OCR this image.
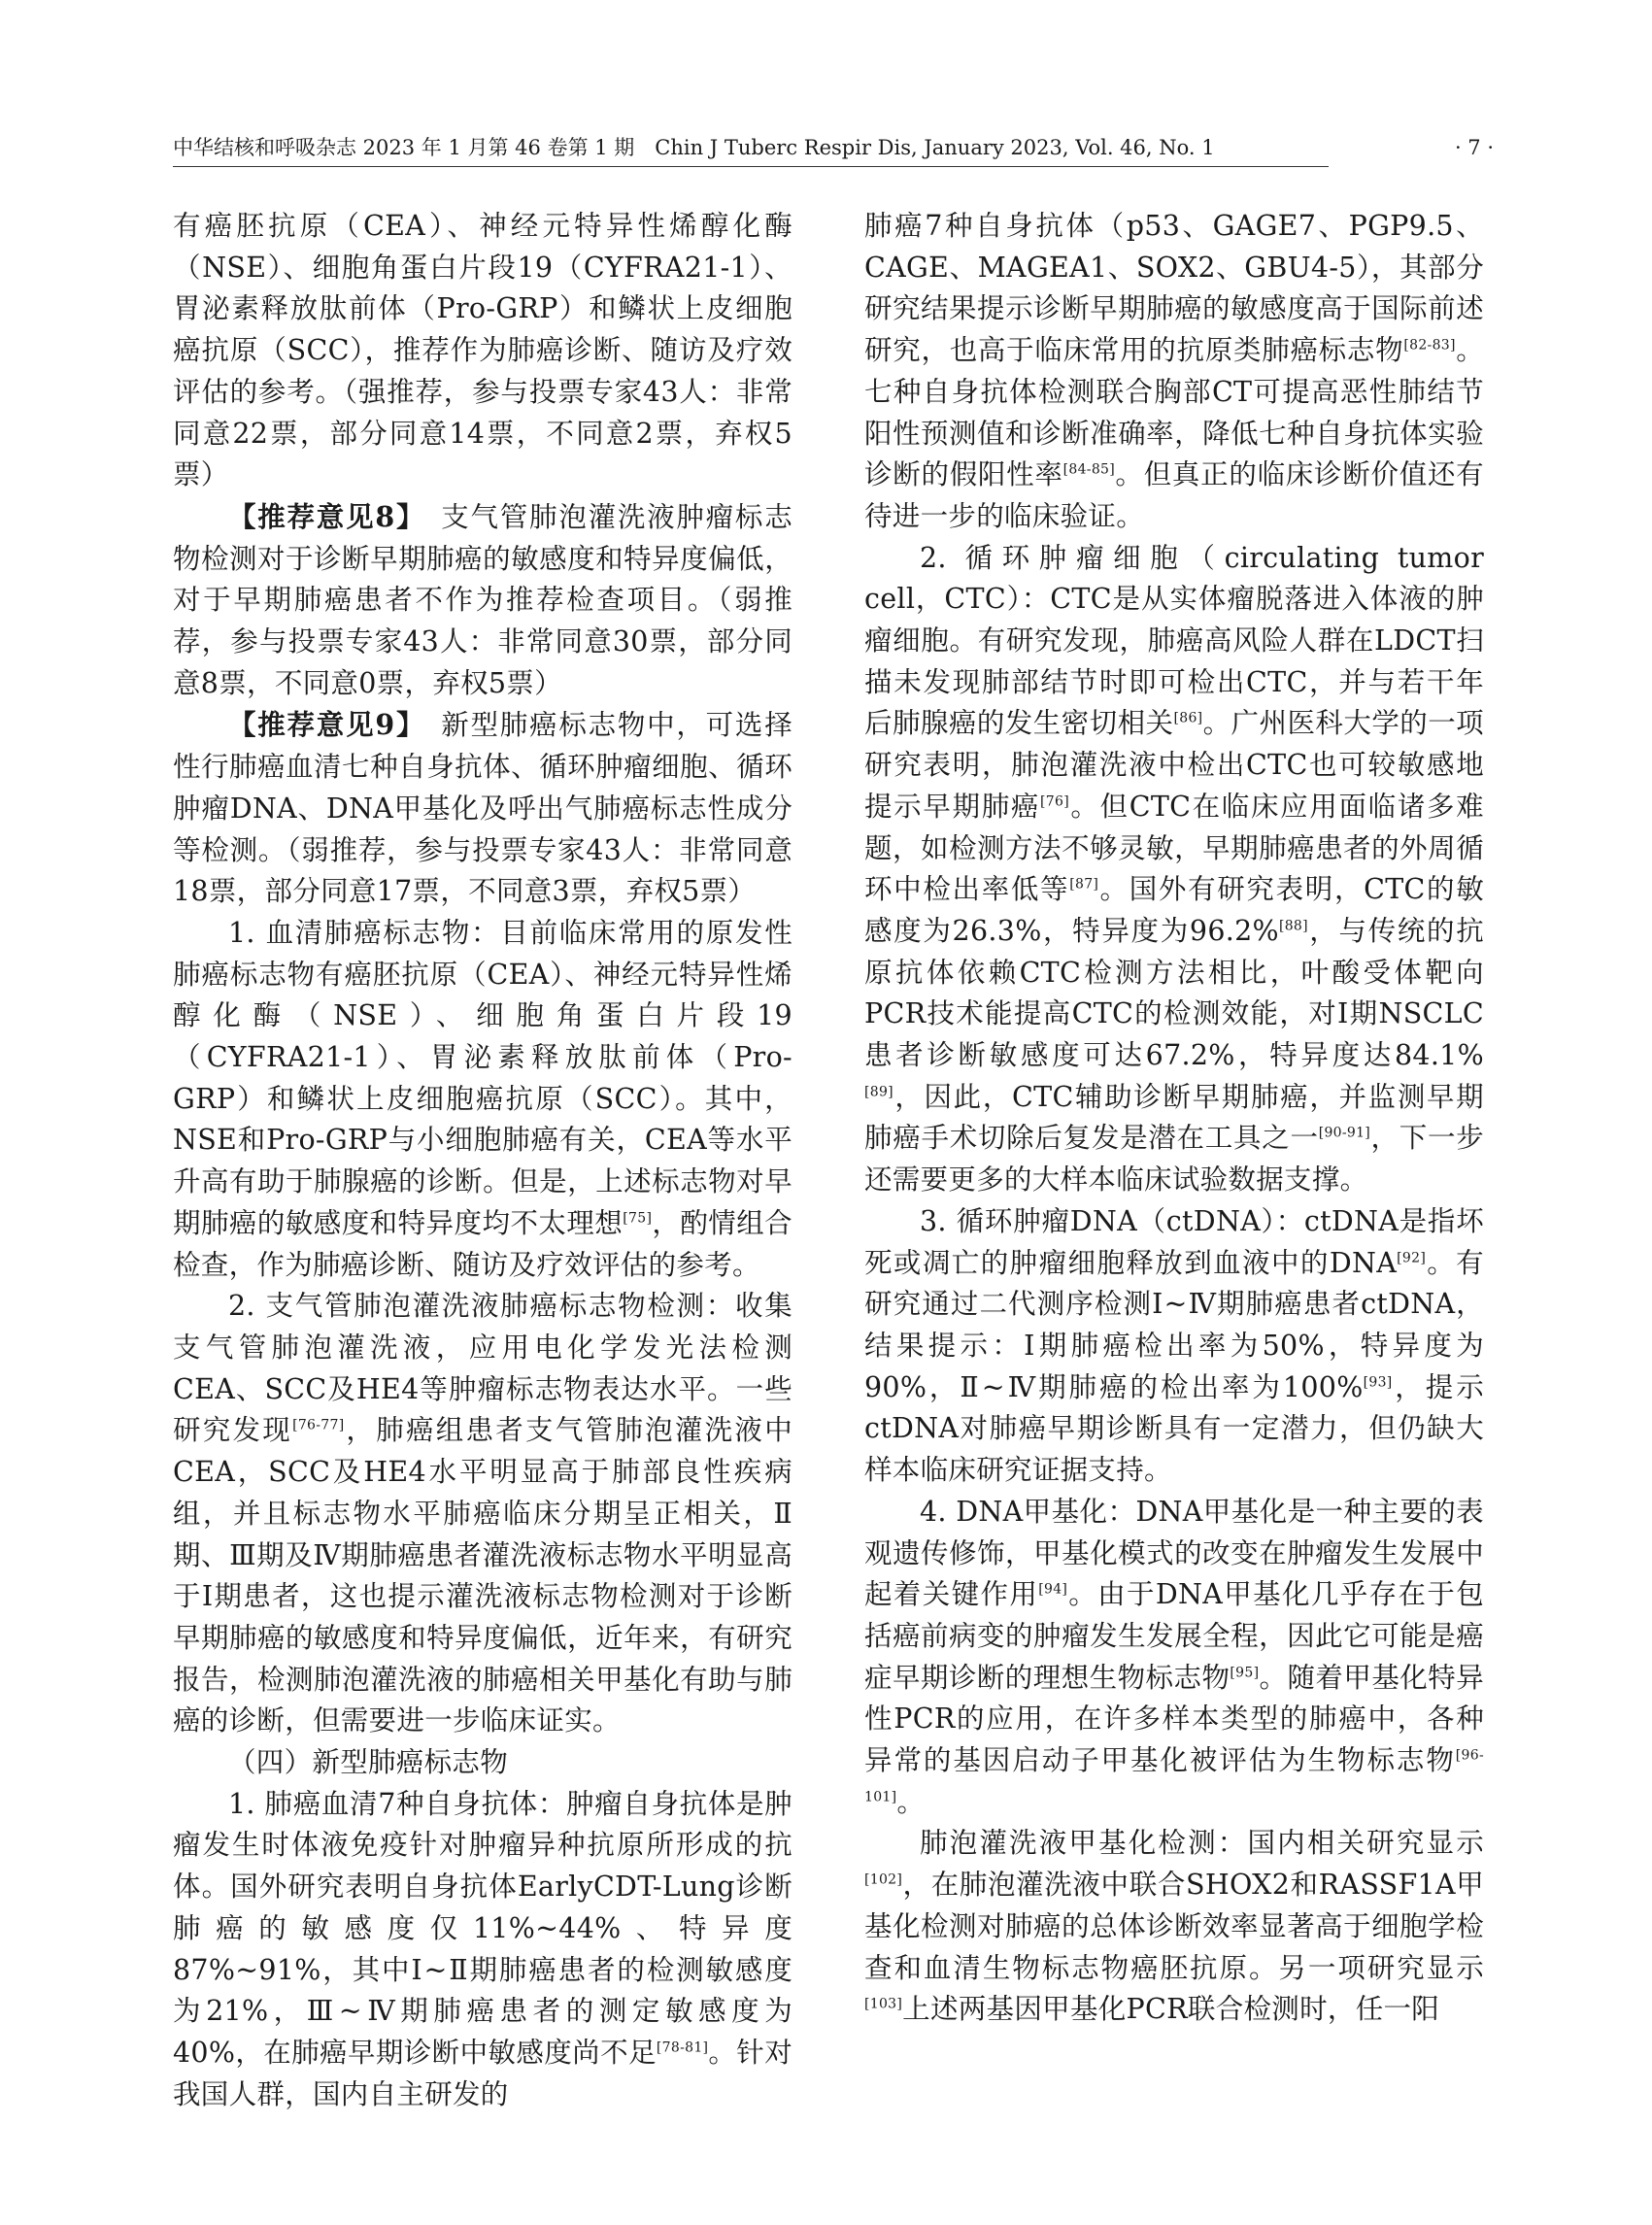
中华结核和呼吸杂志 2023 年 1 月第 46 卷第 1 期　Chin J Tuberc Respir Dis, January 2023, Vol. 46, No. 1	· 7 ·

有癌胚抗原（CEA）、神经元特异性烯醇化酶（NSE）、细胞角蛋白片段19（CYFRA21-1）、胃泌素释放肽前体（Pro-GRP）和鳞状上皮细胞癌抗原（SCC），推荐作为肺癌诊断、随访及疗效评估的参考。（强推荐，参与投票专家43人：非常同意22票，部分同意14票，不同意2票，弃权5票）

【推荐意见8】　支气管肺泡灌洗液肿瘤标志物检测对于诊断早期肺癌的敏感度和特异度偏低，对于早期肺癌患者不作为推荐检查项目。（弱推荐，参与投票专家43人：非常同意30票，部分同意8票，不同意0票，弃权5票）

【推荐意见9】　新型肺癌标志物中，可选择性行肺癌血清七种自身抗体、循环肿瘤细胞、循环肿瘤DNA、DNA甲基化及呼出气肺癌标志性成分等检测。（弱推荐，参与投票专家43人：非常同意18票，部分同意17票，不同意3票，弃权5票）

1. 血清肺癌标志物：目前临床常用的原发性肺癌标志物有癌胚抗原（CEA）、神经元特异性烯醇化酶（NSE）、细胞角蛋白片段19（CYFRA21-1）、胃泌素释放肽前体（Pro-GRP）和鳞状上皮细胞癌抗原（SCC）。其中，NSE和Pro-GRP与小细胞肺癌有关，CEA等水平升高有助于肺腺癌的诊断。但是，上述标志物对早期肺癌的敏感度和特异度均不太理想[75]，酌情组合检查，作为肺癌诊断、随访及疗效评估的参考。

2. 支气管肺泡灌洗液肺癌标志物检测：收集支气管肺泡灌洗液，应用电化学发光法检测CEA、SCC及HE4等肿瘤标志物表达水平。一些研究发现[76-77]，肺癌组患者支气管肺泡灌洗液中CEA，SCC及HE4水平明显高于肺部良性疾病组，并且标志物水平肺癌临床分期呈正相关，Ⅱ期、Ⅲ期及Ⅳ期肺癌患者灌洗液标志物水平明显高于Ⅰ期患者，这也提示灌洗液标志物检测对于诊断早期肺癌的敏感度和特异度偏低，近年来，有研究报告，检测肺泡灌洗液的肺癌相关甲基化有助与肺癌的诊断，但需要进一步临床证实。

（四）新型肺癌标志物

1. 肺癌血清7种自身抗体：肿瘤自身抗体是肿瘤发生时体液免疫针对肿瘤异种抗原所形成的抗体。国外研究表明自身抗体EarlyCDT-Lung诊断肺癌的敏感度仅11%~44%、特异度87%~91%，其中Ⅰ~Ⅱ期肺癌患者的检测敏感度为21%，Ⅲ~Ⅳ期肺癌患者的测定敏感度为40%，在肺癌早期诊断中敏感度尚不足[78-81]。针对我国人群，国内自主研发的

肺癌7种自身抗体（p53、GAGE7、PGP9.5、CAGE、MAGEA1、SOX2、GBU4-5），其部分研究结果提示诊断早期肺癌的敏感度高于国际前述研究，也高于临床常用的抗原类肺癌标志物[82-83]。七种自身抗体检测联合胸部CT可提高恶性肺结节阳性预测值和诊断准确率，降低七种自身抗体实验诊断的假阳性率[84-85]。但真正的临床诊断价值还有待进一步的临床验证。

2. 循环肿瘤细胞（circulating tumor cell，CTC）：CTC是从实体瘤脱落进入体液的肿瘤细胞。有研究发现，肺癌高风险人群在LDCT扫描未发现肺部结节时即可检出CTC，并与若干年后肺腺癌的发生密切相关[86]。广州医科大学的一项研究表明，肺泡灌洗液中检出CTC也可较敏感地提示早期肺癌[76]。但CTC在临床应用面临诸多难题，如检测方法不够灵敏，早期肺癌患者的外周循环中检出率低等[87]。国外有研究表明，CTC的敏感度为26.3%，特异度为96.2%[88]，与传统的抗原抗体依赖CTC检测方法相比，叶酸受体靶向PCR技术能提高CTC的检测效能，对Ⅰ期NSCLC患者诊断敏感度可达67.2%，特异度达84.1%[89]，因此，CTC辅助诊断早期肺癌，并监测早期肺癌手术切除后复发是潜在工具之一[90-91]，下一步还需要更多的大样本临床试验数据支撑。

3. 循环肿瘤DNA（ctDNA）：ctDNA是指坏死或凋亡的肿瘤细胞释放到血液中的DNA[92]。有研究通过二代测序检测Ⅰ~Ⅳ期肺癌患者ctDNA，结果提示：Ⅰ期肺癌检出率为50%，特异度为90%，Ⅱ~Ⅳ期肺癌的检出率为100%[93]，提示ctDNA对肺癌早期诊断具有一定潜力，但仍缺大样本临床研究证据支持。

4. DNA甲基化：DNA甲基化是一种主要的表观遗传修饰，甲基化模式的改变在肿瘤发生发展中起着关键作用[94]。由于DNA甲基化几乎存在于包括癌前病变的肿瘤发生发展全程，因此它可能是癌症早期诊断的理想生物标志物[95]。随着甲基化特异性PCR的应用，在许多样本类型的肺癌中，各种异常的基因启动子甲基化被评估为生物标志物[96-101]。

肺泡灌洗液甲基化检测：国内相关研究显示[102]，在肺泡灌洗液中联合SHOX2和RASSF1A甲基化检测对肺癌的总体诊断效率显著高于细胞学检查和血清生物标志物癌胚抗原。另一项研究显示[103]上述两基因甲基化PCR联合检测时，任一阳
